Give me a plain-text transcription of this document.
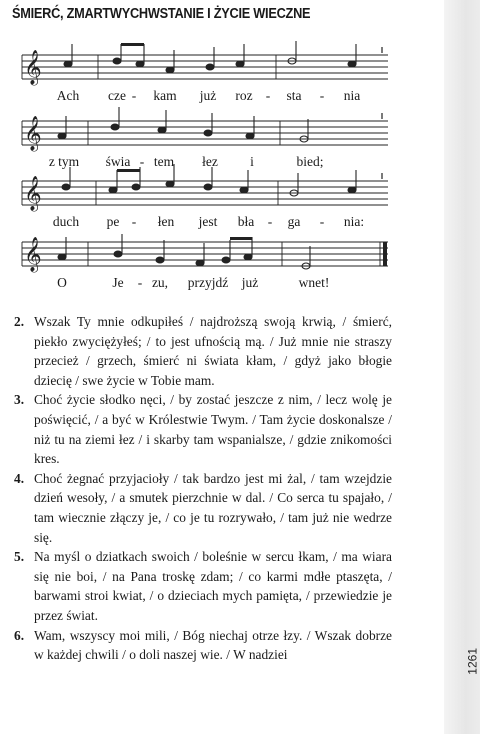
ŚMIERĆ, ZMARTWYCHWSTANIE I ŻYCIE WIECZNE
𝄞
𝄞
𝄞
𝄞
Ach cze - kam już roz - sta - nia
z tym świa - tem łez i	bied;
duch pe - łen jest bła - ga - nia:
O	Je - zu, przyjdź już	wnet!
2. Wszak Ty mnie odkupiłeś / najdroższą swoją krwią, / śmierć, piekło zwyciężyłeś; / to jest ufnością mą. / Już mnie nie straszy przecież / grzech, śmierć ni świata kłam, / gdyż jako błogie dziecię / swe życie w Tobie mam.
3. Choć życie słodko nęci, / by zostać jeszcze z nim, / lecz wolę je poświęcić, / a być w Królestwie Twym. / Tam życie doskonalsze / niż tu na ziemi łez / i skarby tam wspanialsze, / gdzie znikomości kres.
4. Choć żegnać przyjacioły / tak bardzo jest mi żal, / tam wzejdzie dzień wesoły, / a smutek pierzchnie w dal. / Co serca tu spajało, / tam wiecznie złączy je, / co je tu rozrywało, / tam już nie wedrze się.
5. Na myśl o dziatkach swoich / boleśnie w sercu łkam, / ma wiara się nie boi, / na Pana troskę zdam; / co karmi mdłe ptaszęta, / barwami stroi kwiat, / o dzieciach mych pamięta, / przewiedzie je przez świat.
6. Wam, wszyscy moi mili, / Bóg niechaj otrze łzy. / Wszak dobrze w każdej chwili / o doli naszej wie. / W nadziei	1261
